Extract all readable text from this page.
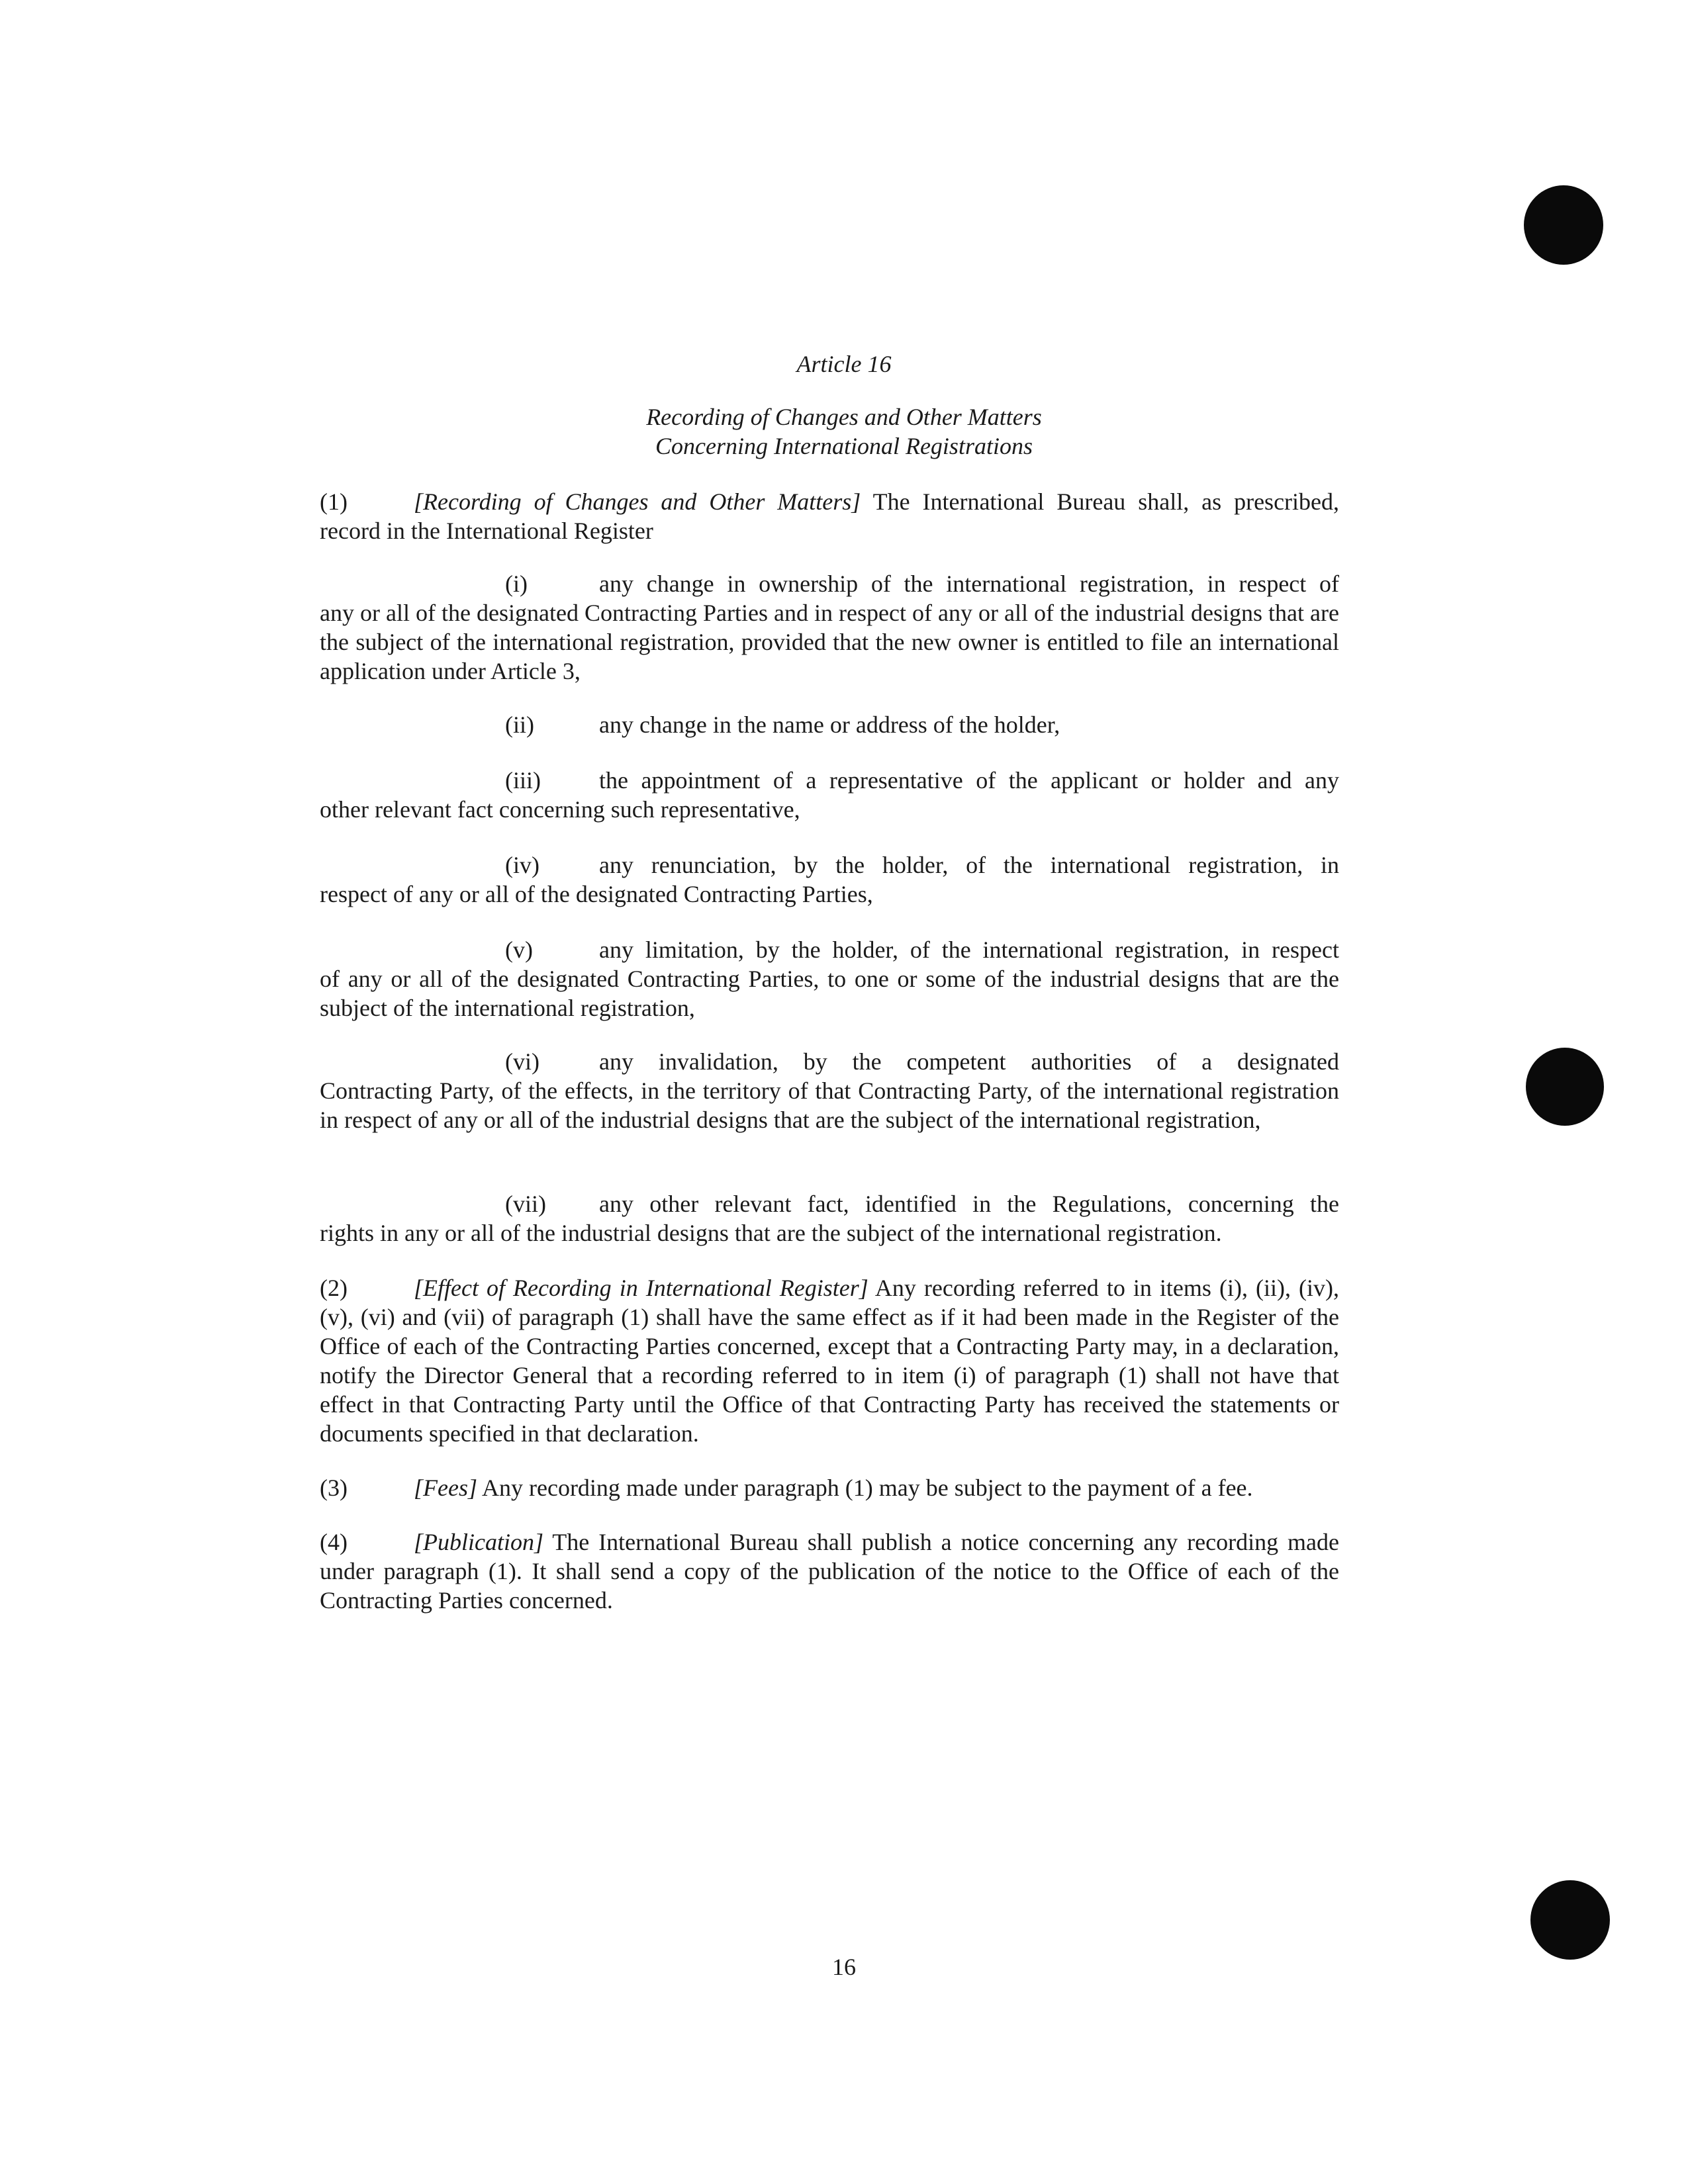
Article 16
Recording of Changes and Other Matters
Concerning International Registrations
(1)	[Recording of Changes and Other Matters] The International Bureau shall, as prescribed,
record in the International Register
(i)	any change in ownership of the international registration, in respect of
any or all of the designated Contracting Parties and in respect of any or all of the industrial designs that are the subject of the international registration, provided that the new owner is entitled to file an international application under Article 3,
(ii)	any change in the name or address of the holder,
(iii) the appointment of a representative of the applicant or holder and any
other relevant fact concerning such representative,
(iv)	any renunciation, by the holder, of the international registration, in
respect of any or all of the designated Contracting Parties,
(v)	any limitation, by the holder, of the international registration, in respect
of any or all of the designated Contracting Parties, to one or some of the industrial designs that are the subject of the international registration,
(vi)	any invalidation, by the competent authorities of a designated
Contracting Party, of the effects, in the territory of that Contracting Party, of the international registration in respect of any or all of the industrial designs that are the subject of the international registration,
(vii) any other relevant fact, identified in the Regulations, concerning the
rights in any or all of the industrial designs that are the subject of the international registration.
(2)	[Effect of Recording in International Register] Any recording referred to in items (i), (ii), (iv), (v), (vi) and (vii) of paragraph (1) shall have the same effect as if it had been made in the Register of the Office of each of the Contracting Parties concerned, except that a Contracting Party may, in a declaration, notify the Director General that a recording referred to in item (i) of paragraph (1) shall not have that effect in that Contracting Party until the Office of that Contracting Party has received the statements or documents specified in that declaration.
(3)	[Fees] Any recording made under paragraph (1) may be subject to the payment of a fee.
(4)	[Publication] The International Bureau shall publish a notice concerning any recording made under paragraph (1). It shall send a copy of the publication of the notice to the Office of each of the Contracting Parties concerned.
16
